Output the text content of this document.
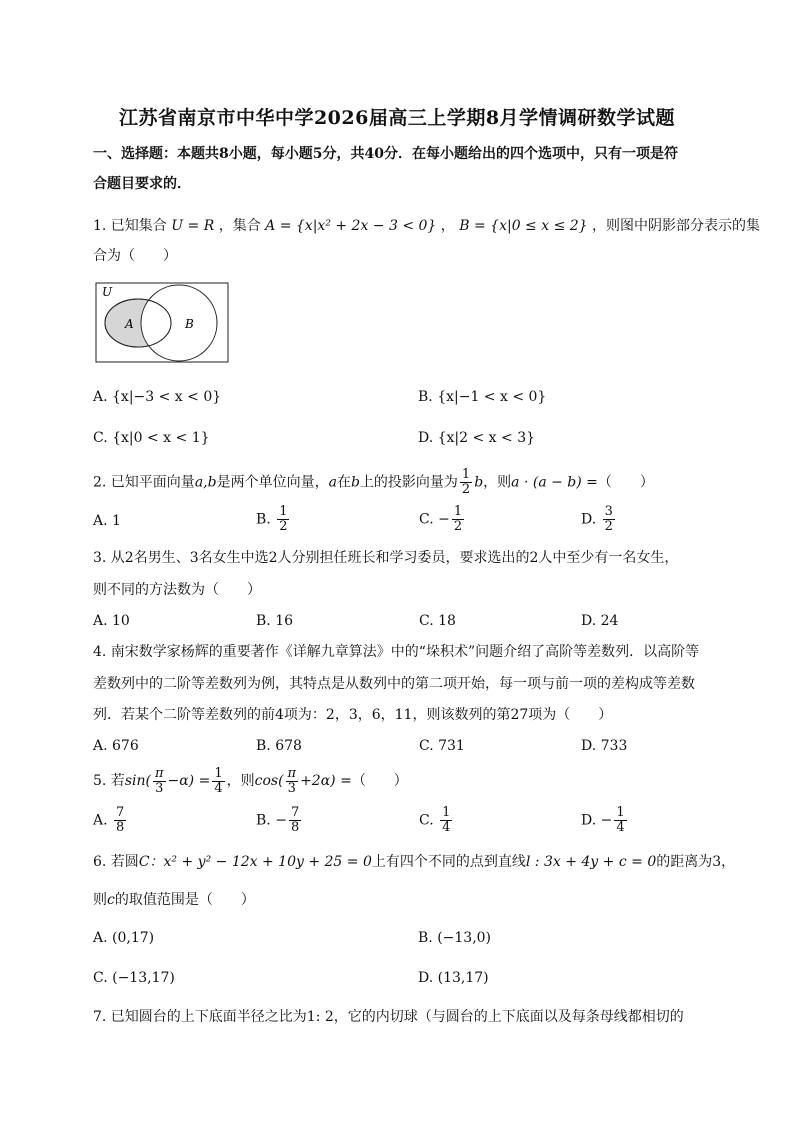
江苏省南京市中华中学2026届高三上学期8月学情调研数学试题
一、选择题：本题共8小题，每小题5分，共40分．在每小题给出的四个选项中，只有一项是符
合题目要求的．
1. 已知集合 U = R ，集合 A = {x|x² + 2x − 3 < 0} ， B = {x|0 ≤ x ≤ 2} ，则图中阴影部分表示的集
合为（　　）
U
A	B
A. {x|−3 < x < 0}	B. {x|−1 < x < 0}
C. {x|0 < x < 1}	D. {x|2 < x < 3}
2. 已知平面向量a,b是两个单位向量，a在b上的投影向量为 $\frac{1}{2}$ b，则a · (a − b) =（　　）
A. 1	B. $\frac{1}{2}$	C. − $\frac{1}{2}$	D. $\frac{3}{2}$
3. 从2名男生、3名女生中选2人分别担任班长和学习委员，要求选出的2人中至少有一名女生，
则不同的方法数为（　　）
A. 10	B. 16	C. 18	D. 24
4. 南宋数学家杨辉的重要著作《详解九章算法》中的“垛积术”问题介绍了高阶等差数列．以高阶等
差数列中的二阶等差数列为例，其特点是从数列中的第二项开始，每一项与前一项的差构成等差数
列．若某个二阶等差数列的前4项为：2，3，6，11，则该数列的第27项为（　　）
A. 676	B. 678	C. 731	D. 733
5. 若$\sin( \frac{\pi}{3} -\alpha) = \frac{1}{4}$ ，则$\cos( \frac{\pi}{3} +2\alpha)$ =（　　）
A. $\frac{7}{8}$	B. − $\frac{7}{8}$	C. $\frac{1}{4}$	D. − $\frac{1}{4}$
6. 若圆C：x² + y² − 12x + 10y + 25 = 0上有四个不同的点到直线l : 3x + 4y + c = 0的距离为3，
则c的取值范围是（　　）
A. (0,17)	B. (−13,0)
C. (−13,17)	D. (13,17)
7. 已知圆台的上下底面半径之比为1: 2，它的内切球（与圆台的上下底面以及每条母线都相切的
